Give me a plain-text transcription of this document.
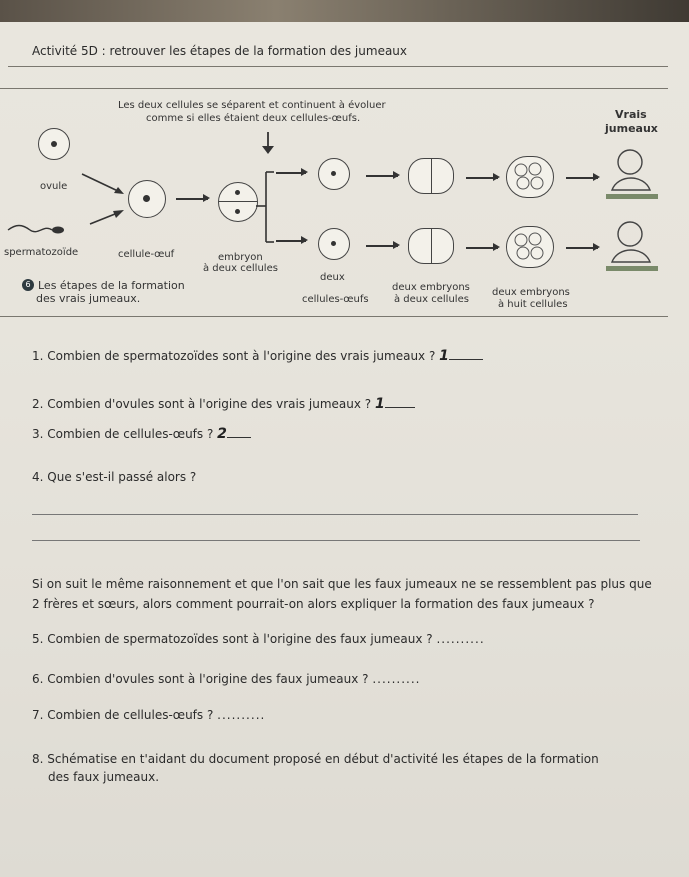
Activité 5D : retrouver les étapes de la formation des jumeaux
Les deux cellules se séparent et continuent à évoluer
comme si elles étaient deux cellules-œufs.	Vrais
jumeaux
ovule
spermatozoïde	cellule-œuf	embryon
à deux cellules
deux
cellules-œufs
deux embryons
à deux cellules
deux embryons
à huit cellules
6 Les étapes de la formation
des vrais jumeaux.
1. Combien de spermatozoïdes sont à l'origine des vrais jumeaux ? 1
2. Combien d'ovules sont à l'origine des vrais jumeaux ? 1
3. Combien de cellules-œufs ? 2
4. Que s'est-il passé alors ?
Si on suit le même raisonnement et que l'on sait que les faux jumeaux ne se ressemblent pas plus que 2 frères et sœurs, alors comment pourrait-on alors expliquer la formation des faux jumeaux ?
5. Combien de spermatozoïdes sont à l'origine des faux jumeaux ? ..........
6. Combien d'ovules sont à l'origine des faux jumeaux ? ..........
7. Combien de cellules-œufs ? ..........
8. Schématise en t'aidant du document proposé en début d'activité les étapes de la formation
des faux jumeaux.
